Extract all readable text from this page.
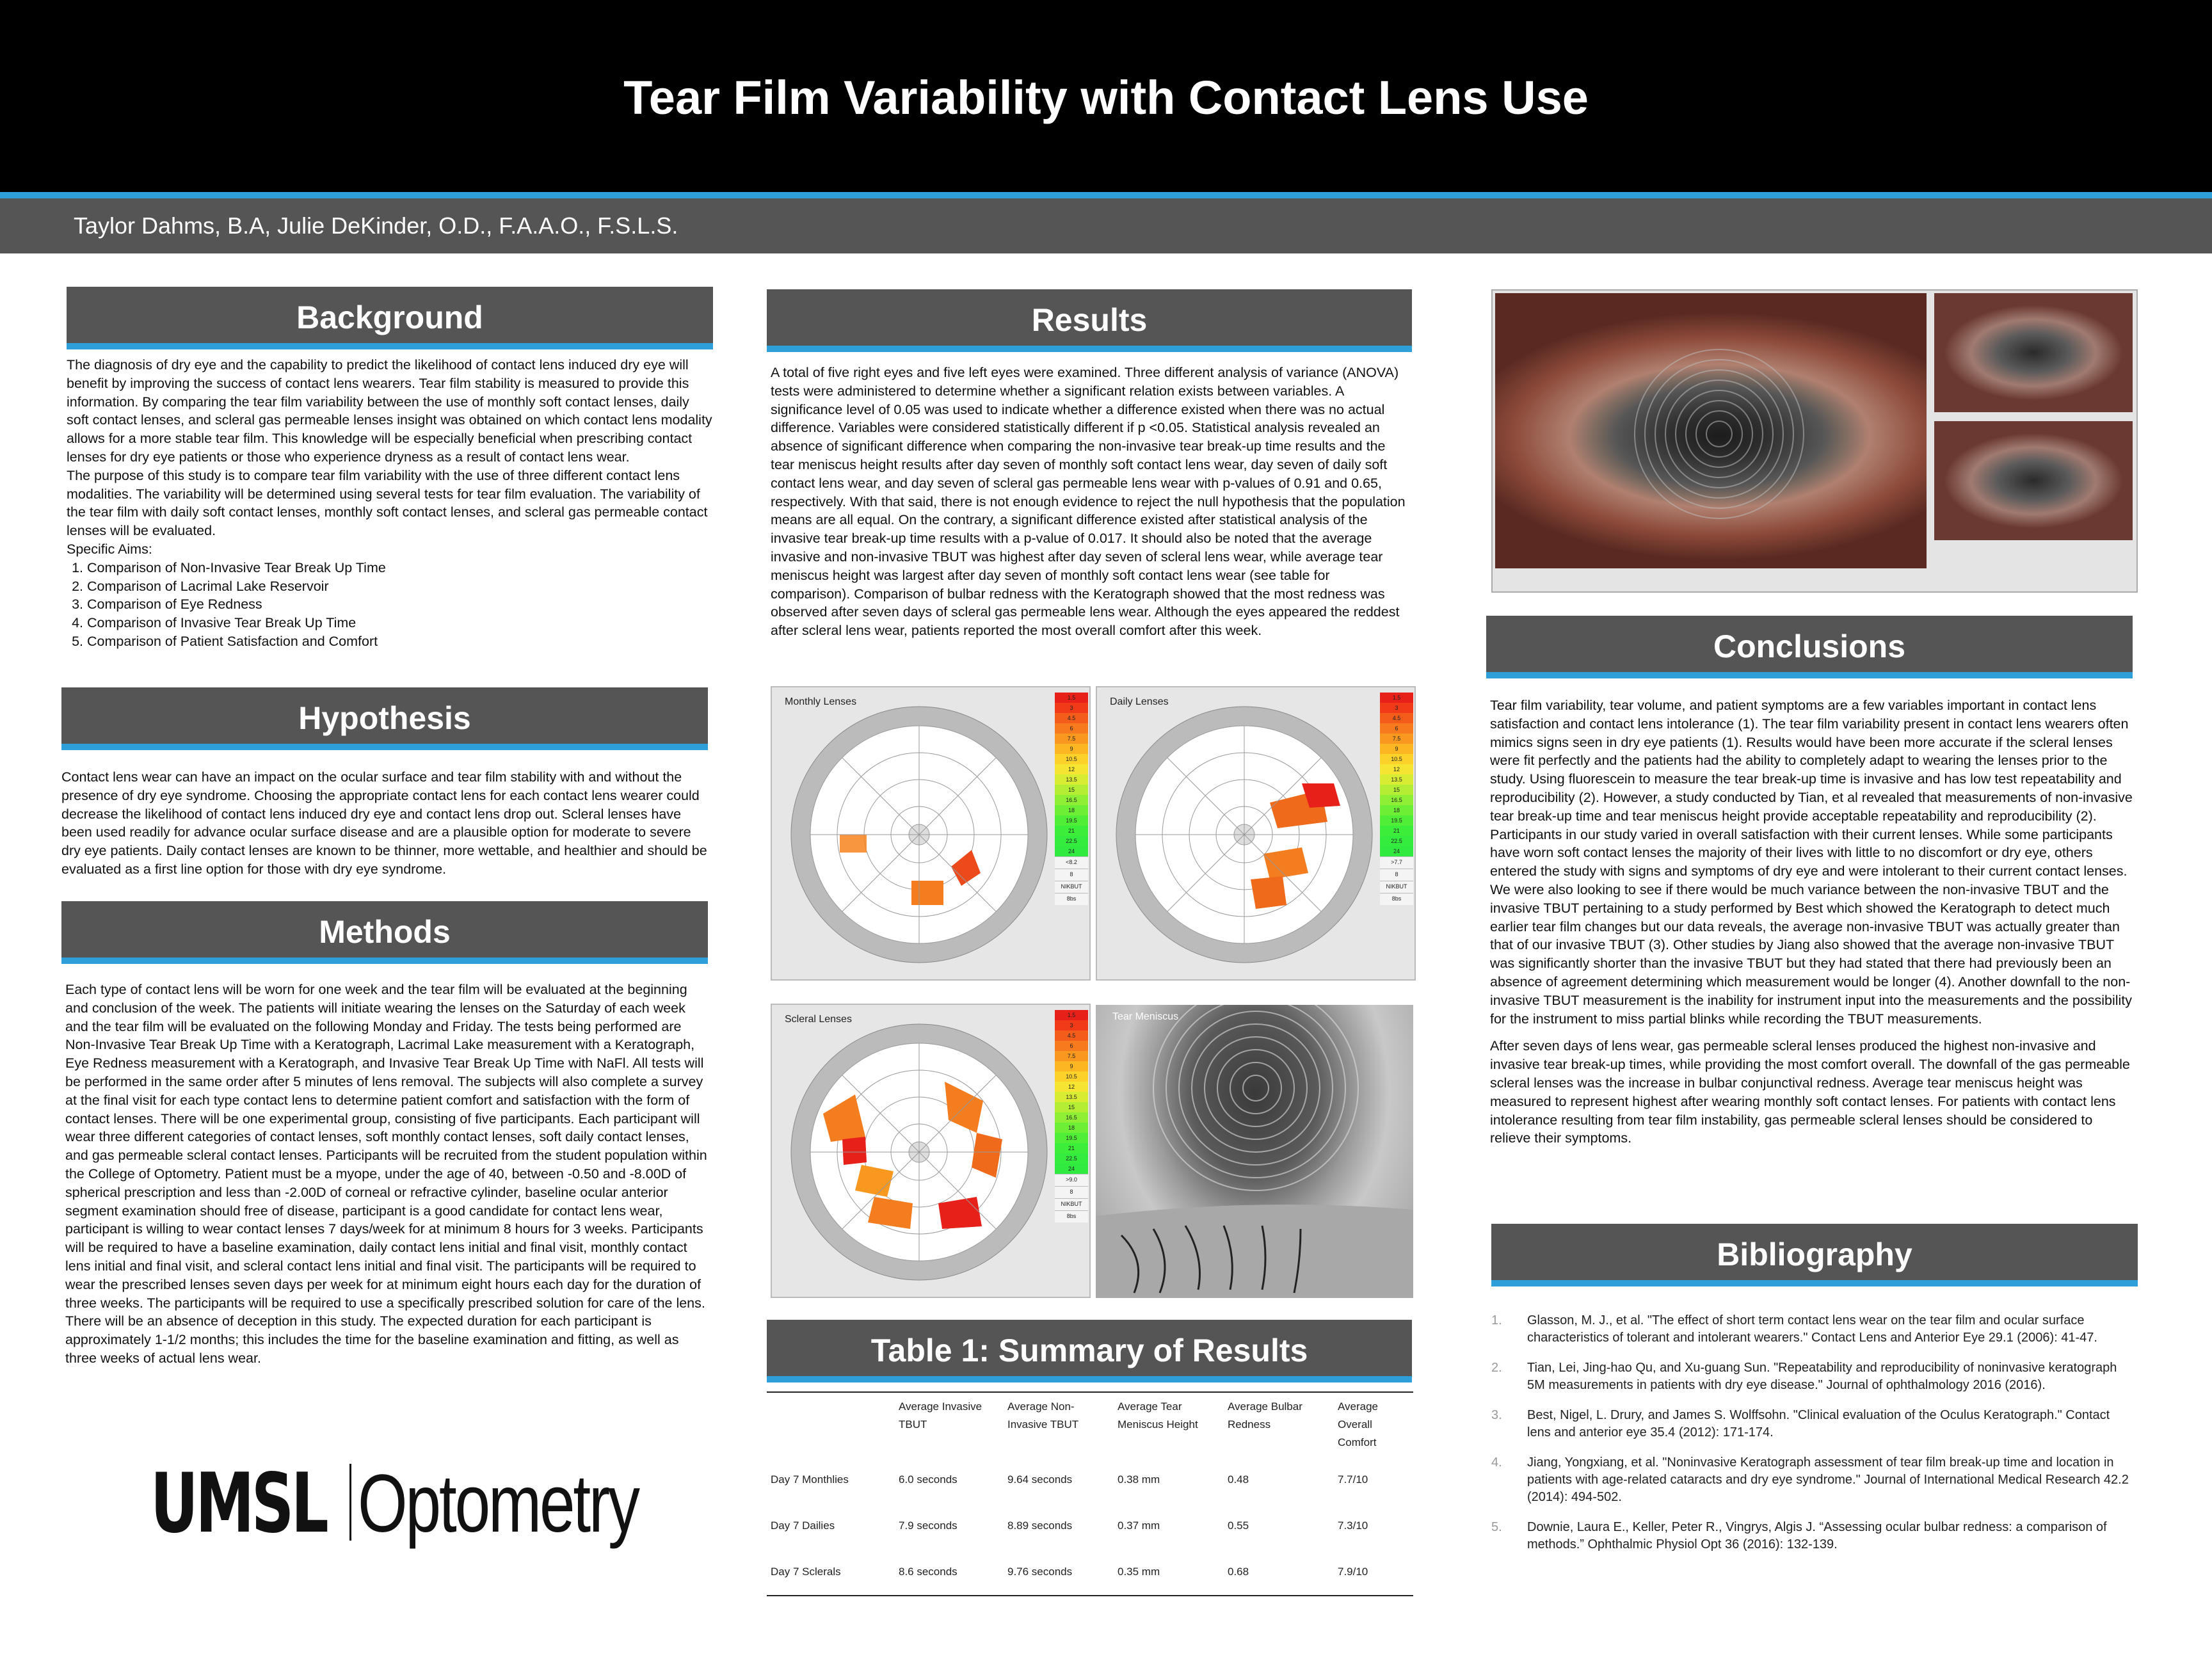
Tear Film Variability with Contact Lens Use
Taylor Dahms, B.A, Julie DeKinder, O.D., F.A.A.O., F.S.L.S.
Background
The diagnosis of dry eye and the capability to predict the likelihood of contact lens induced dry eye will benefit by improving the success of contact lens wearers. Tear film stability is measured to provide this information. By comparing the tear film variability between the use of monthly soft contact lenses, daily soft contact lenses, and scleral gas permeable lenses insight was obtained on which contact lens modality allows for a more stable tear film. This knowledge will be especially beneficial when prescribing contact lenses for dry eye patients or those who experience dryness as a result of contact lens wear.
The purpose of this study is to compare tear film variability with the use of three different contact lens modalities. The variability will be determined using several tests for tear film evaluation. The variability of the tear film with daily soft contact lenses, monthly soft contact lenses, and scleral gas permeable contact lenses will be evaluated.
Specific Aims:
1. Comparison of Non-Invasive Tear Break Up Time
2. Comparison of Lacrimal Lake Reservoir
3. Comparison of Eye Redness
4. Comparison of Invasive Tear Break Up Time
5. Comparison of Patient Satisfaction and Comfort
Hypothesis
Contact lens wear can have an impact on the ocular surface and tear film stability with and without the presence of dry eye syndrome. Choosing the appropriate contact lens for each contact lens wearer could decrease the likelihood of contact lens induced dry eye and contact lens drop out. Scleral lenses have been used readily for advance ocular surface disease and are a plausible option for moderate to severe dry eye patients. Daily contact lenses are known to be thinner, more wettable, and healthier and should be evaluated as a first line option for those with dry eye syndrome.
Methods
Each type of contact lens will be worn for one week and the tear film will be evaluated at the beginning and conclusion of the week. The patients will initiate wearing the lenses on the Saturday of each week and the tear film will be evaluated on the following Monday and Friday. The tests being performed are Non-Invasive Tear Break Up Time with a Keratograph, Lacrimal Lake measurement with a Keratograph, Eye Redness measurement with a Keratograph, and Invasive Tear Break Up Time with NaFl. All tests will be performed in the same order after 5 minutes of lens removal. The subjects will also complete a survey at the final visit for each type contact lens to determine patient comfort and satisfaction with the form of contact lenses. There will be one experimental group, consisting of five participants. Each participant will wear three different categories of contact lenses, soft monthly contact lenses, soft daily contact lenses, and gas permeable scleral contact lenses. Participants will be recruited from the student population within the College of Optometry. Patient must be a myope, under the age of 40, between -0.50 and -8.00D of spherical prescription and less than -2.00D of corneal or refractive cylinder, baseline ocular anterior segment examination should free of disease, participant is a good candidate for contact lens wear, participant is willing to wear contact lenses 7 days/week for at minimum 8 hours for 3 weeks. Participants will be required to have a baseline examination, daily contact lens initial and final visit, monthly contact lens initial and final visit, and scleral contact lens initial and final visit. The participants will be required to wear the prescribed lenses seven days per week for at minimum eight hours each day for the duration of three weeks. The participants will be required to use a specifically prescribed solution for care of the lens. There will be an absence of deception in this study. The expected duration for each participant is approximately 1-1/2 months; this includes the time for the baseline examination and fitting, as well as three weeks of actual lens wear.
UMSL Optometry
Results
A total of five right eyes and five left eyes were examined. Three different analysis of variance (ANOVA) tests were administered to determine whether a significant relation exists between variables. A significance level of 0.05 was used to indicate whether a difference existed when there was no actual difference. Variables were considered statistically different if p <0.05. Statistical analysis revealed an absence of significant difference when comparing the non-invasive tear break-up time results and the tear meniscus height results after day seven of monthly soft contact lens wear, day seven of daily soft contact lens wear, and day seven of scleral gas permeable lens wear with p-values of 0.91 and 0.65, respectively. With that said, there is not enough evidence to reject the null hypothesis that the population means are all equal. On the contrary, a significant difference existed after statistical analysis of the invasive tear break-up time results with a p-value of 0.017. It should also be noted that the average invasive and non-invasive TBUT was highest after day seven of scleral lens wear, while average tear meniscus height was largest after day seven of monthly soft contact lens wear (see table for comparison). Comparison of bulbar redness with the Keratograph showed that the most redness was observed after seven days of scleral gas permeable lens wear. Although the eyes appeared the reddest after scleral lens wear, patients reported the most overall comfort after this week.
Monthly Lenses	1.5
3
4.5
6
7.5
9
10.5
12
13.5
15
16.5
18
19.5
21
22.5
24
<8.2
8
NIKBUT
8bs
Daily Lenses	1.5
3
4.5
6
7.5
9
10.5
12
13.5
15
16.5
18
19.5
21
22.5
24
>7.7
8
NIKBUT
8bs
Scleral Lenses	1.5
3
4.5
6
7.5
9
10.5
12
13.5
15
16.5
18
19.5
21
22.5
24
>9.0
8
NIKBUT
8bs
Tear Meniscus
Table 1: Summary of Results
	Average Invasive TBUT	Average Non-Invasive TBUT	Average Tear Meniscus Height	Average Bulbar Redness	Average Overall Comfort
Day 7 Monthlies	6.0 seconds	9.64 seconds	0.38 mm	0.48	7.7/10
Day 7 Dailies	7.9 seconds	8.89 seconds	0.37 mm	0.55	7.3/10
Day 7 Sclerals	8.6 seconds	9.76 seconds	0.35 mm	0.68	7.9/10
Conclusions

Tear film variability, tear volume, and patient symptoms are a few variables important in contact lens satisfaction and contact lens intolerance (1). The tear film variability present in contact lens wearers often mimics signs seen in dry eye patients (1). Results would have been more accurate if the scleral lenses were fit perfectly and the patients had the ability to completely adapt to wearing the lenses prior to the study. Using fluorescein to measure the tear break-up time is invasive and has low test repeatability and reproducibility (2). However, a study conducted by Tian, et al revealed that measurements of non-invasive tear break-up time and tear meniscus height provide acceptable repeatability and reproducibility (2). Participants in our study varied in overall satisfaction with their current lenses. While some participants have worn soft contact lenses the majority of their lives with little to no discomfort or dry eye, others entered the study with signs and symptoms of dry eye and were intolerant to their current contact lenses. We were also looking to see if there would be much variance between the non-invasive TBUT and the invasive TBUT pertaining to a study performed by Best which showed the Keratograph to detect much earlier tear film changes but our data reveals, the average non-invasive TBUT was actually greater than that of our invasive TBUT (3). Other studies by Jiang also showed that the average non-invasive TBUT was significantly shorter than the invasive TBUT but they had stated that there had previously been an absence of agreement determining which measurement would be longer (4). Another downfall to the non-invasive TBUT measurement is the inability for instrument input into the measurements and the possibility for the instrument to miss partial blinks while recording the TBUT measurements.

After seven days of lens wear, gas permeable scleral lenses produced the highest non-invasive and invasive tear break-up times, while providing the most comfort overall. The downfall of the gas permeable scleral lenses was the increase in bulbar conjunctival redness. Average tear meniscus height was measured to represent highest after wearing monthly soft contact lenses. For patients with contact lens intolerance resulting from tear film instability, gas permeable scleral lenses should be considered to relieve their symptoms.

Bibliography
1. Glasson, M. J., et al. "The effect of short term contact lens wear on the tear film and ocular surface characteristics of tolerant and intolerant wearers." Contact Lens and Anterior Eye 29.1 (2006): 41-47.
2. Tian, Lei, Jing-hao Qu, and Xu-guang Sun. "Repeatability and reproducibility of noninvasive keratograph 5M measurements in patients with dry eye disease." Journal of ophthalmology 2016 (2016).
3. Best, Nigel, L. Drury, and James S. Wolffsohn. "Clinical evaluation of the Oculus Keratograph." Contact lens and anterior eye 35.4 (2012): 171-174.
4. Jiang, Yongxiang, et al. "Noninvasive Keratograph assessment of tear film break-up time and location in patients with age-related cataracts and dry eye syndrome." Journal of International Medical Research 42.2 (2014): 494-502.
5. Downie, Laura E., Keller, Peter R., Vingrys, Algis J. “Assessing ocular bulbar redness: a comparison of methods.” Ophthalmic Physiol Opt 36 (2016): 132-139.
